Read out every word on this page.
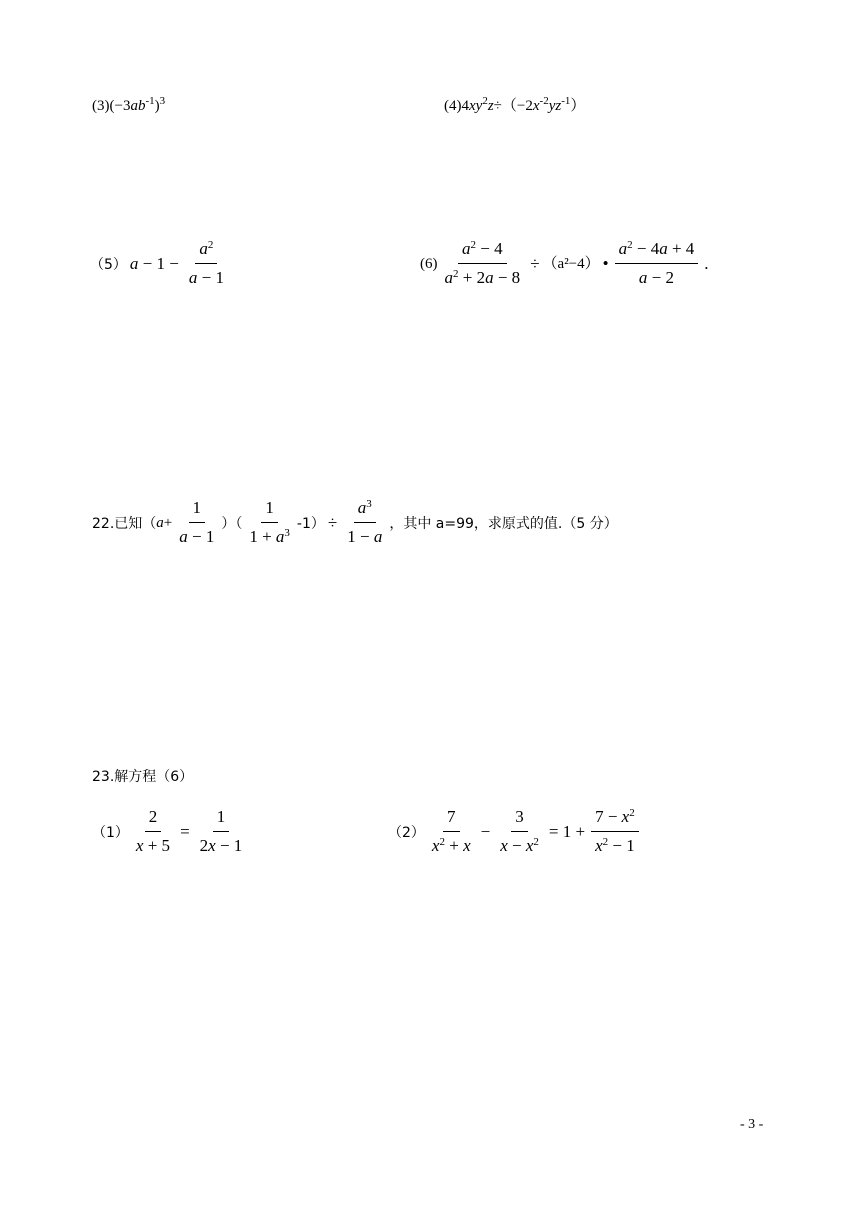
$(3)(-3ab^{-1})^3$	$(4)4xy^2z\div(-2x^{-2}yz^{-1})$
（5） $a - 1 - \frac{a^2}{a - 1}$	$(6) \frac{a^2 - 4}{a^2 + 2a - 8} \div (a^2-4)$ • $\frac{a^2 - 4a + 4}{a - 2}$ .
22.已知（ $a+ \frac{1}{a - 1}$ ）（ $\frac{1}{1 + a^3} -1) \div \frac{a^3}{1 - a}$ ，其中 a=99，求原式的值.（5 分）
23.解方程（6）
$(1) \frac{2}{x + 5} = \frac{1}{2x - 1}$	$(2) \frac{7}{x^2 + x} - \frac{3}{x - x^2} = 1 + \frac{7 - x^2}{x^2 - 1}$
- 3 -
